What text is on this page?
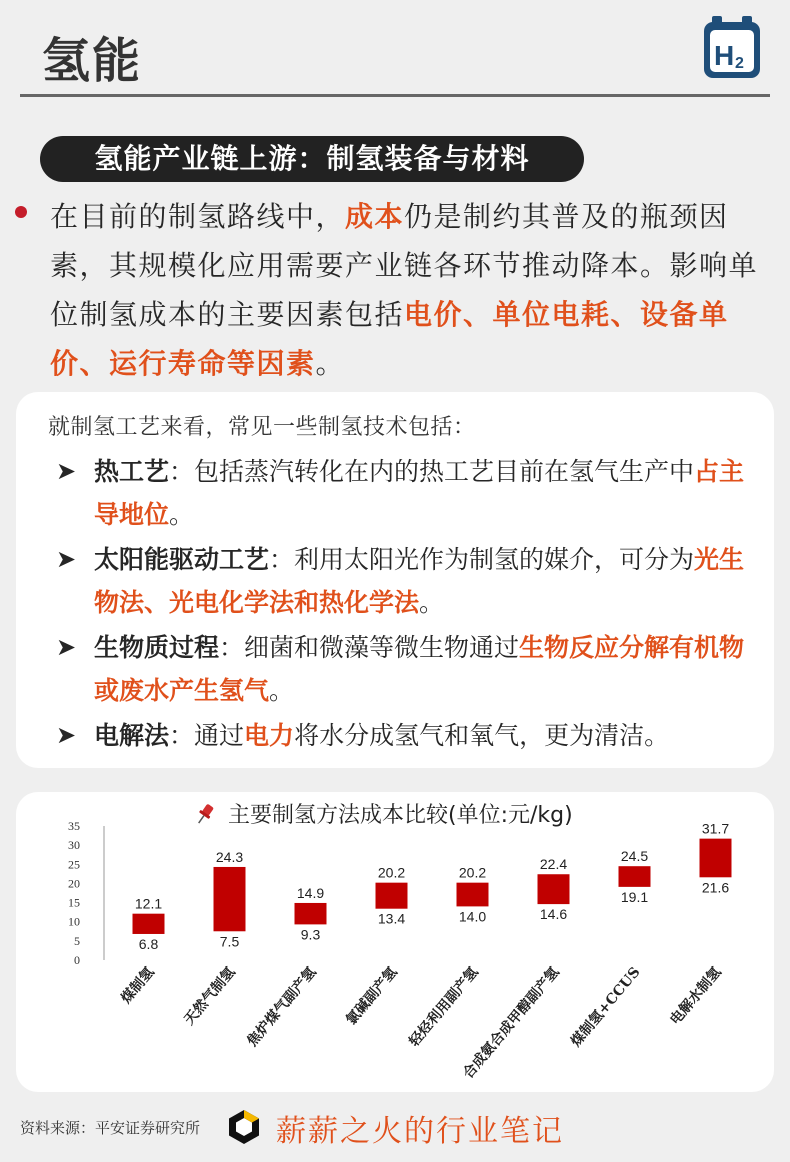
氢能	H 2
氢能产业链上游：制氢装备与材料
在目前的制氢路线中，成本仍是制约其普及的瓶颈因素，其规模化应用需要产业链各环节推动降本。影响单位制氢成本的主要因素包括电价、单位电耗、设备单价、运行寿命等因素。
就制氢工艺来看，常见一些制氢技术包括：
➤ 热工艺：包括蒸汽转化在内的热工艺目前在氢气生产中占主导地位。
➤ 太阳能驱动工艺：利用太阳光作为制氢的媒介，可分为光生物法、光电化学法和热化学法。
➤ 生物质过程：细菌和微藻等微生物通过生物反应分解有机物或废水产生氢气。
➤ 电解法：通过电力将水分成氢气和氧气，更为清洁。
主要制氢方法成本比较(单位:元/kg)
0
5
10
15
20
25
30
35
12.1
6.8
煤制氢
24.3
7.5
天然气制氢
14.9
9.3
焦炉煤气副产氢
20.2
13.4
氯碱副产氢
20.2
14.0
轻烃利用副产氢
22.4
14.6
合成氨合成甲醇副产氢
24.5
19.1
煤制氢+CCUS
31.7
21.6
电解水制氢
资料来源：平安证券研究所	薪薪之火的行业笔记
